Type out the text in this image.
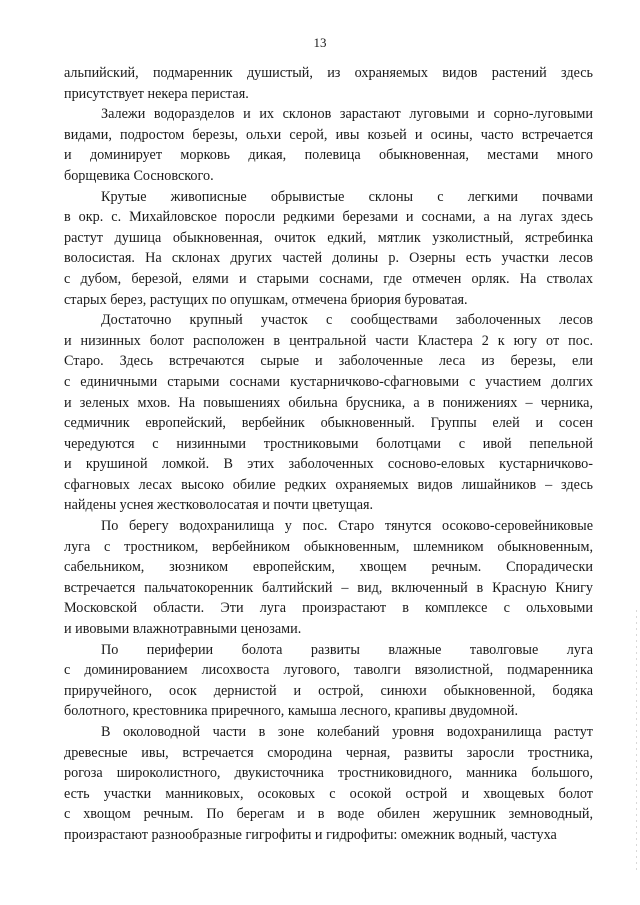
13
альпийский, подмаренник душистый, из охраняемых видов растений здесь
присутствует некера перистая.
Залежи водоразделов и их склонов зарастают луговыми и сорно-луговыми
видами, подростом березы, ольхи серой, ивы козьей и осины, часто встречается
и доминирует морковь дикая, полевица обыкновенная, местами много
борщевика Сосновского.
Крутые живописные обрывистые склоны с легкими почвами
в окр. с. Михайловское поросли редкими березами и соснами, а на лугах здесь
растут душица обыкновенная, очиток едкий, мятлик узколистный, ястребинка
волосистая. На склонах других частей долины р. Озерны есть участки лесов
с дубом, березой, елями и старыми соснами, где отмечен орляк. На стволах
старых берез, растущих по опушкам, отмечена бриория буроватая.
Достаточно крупный участок с сообществами заболоченных лесов
и низинных болот расположен в центральной части Кластера 2 к югу от пос.
Старо. Здесь встречаются сырые и заболоченные леса из березы, ели
с единичными старыми соснами кустарничково-сфагновыми с участием долгих
и зеленых мхов. На повышениях обильна брусника, а в понижениях – черника,
седмичник европейский, вербейник обыкновенный. Группы елей и сосен
чередуются с низинными тростниковыми болотцами с ивой пепельной
и крушиной ломкой. В этих заболоченных сосново-еловых кустарничково-
сфагновых лесах высоко обилие редких охраняемых видов лишайников – здесь
найдены уснея жестковолосатая и почти цветущая.
По берегу водохранилища у пос. Старо тянутся осоково-серовейниковые
луга с тростником, вербейником обыкновенным, шлемником обыкновенным,
сабельником, зюзником европейским, хвощем речным. Спорадически
встречается пальчатокоренник балтийский – вид, включенный в Красную Книгу
Московской области. Эти луга произрастают в комплексе с ольховыми
и ивовыми влажнотравными ценозами.
По периферии болота развиты влажные таволговые луга
с доминированием лисохвоста лугового, таволги вязолистной, подмаренника
приручейного, осок дернистой и острой, синюхи обыкновенной, бодяка
болотного, крестовника приречного, камыша лесного, крапивы двудомной.
В околоводной части в зоне колебаний уровня водохранилища растут
древесные ивы, встречается смородина черная, развиты заросли тростника,
рогоза широколистного, двукисточника тростниковидного, манника большого,
есть участки манниковых, осоковых с осокой острой и хвощевых болот
с хвощом речным. По берегам и в воде обилен жерушник земноводный,
произрастают разнообразные гигрофиты и гидрофиты: омежник водный, частуха
